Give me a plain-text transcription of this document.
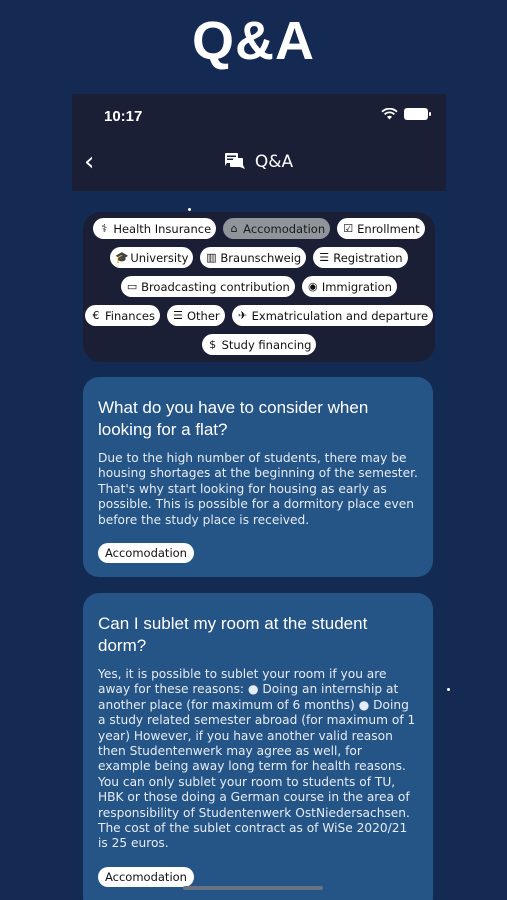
Q&A
10:17
‹	Q&A
⚕ Health Insurance ⌂ Accomodation ☑ Enrollment
🎓 University ▥ Braunschweig ☰ Registration
▭ Broadcasting contribution ◉ Immigration
€ Finances ☰ Other ✈ Exmatriculation and departure
$ Study financing
What do you have to consider when looking for a flat?

Due to the high number of students, there may be housing shortages at the beginning of the semester. That's why start looking for housing as early as possible. This is possible for a dormitory place even before the study place is received.

Accomodation
Can I sublet my room at the student dorm?

Yes, it is possible to sublet your room if you are away for these reasons: ● Doing an internship at another place (for maximum of 6 months) ● Doing a study related semester abroad (for maximum of 1 year) However, if you have another valid reason then Studentenwerk may agree as well, for example being away long term for health reasons. You can only sublet your room to students of TU, HBK or those doing a German course in the area of responsibility of Studentenwerk OstNiedersachsen. The cost of the sublet contract as of WiSe 2020/21 is 25 euros.

Accomodation
